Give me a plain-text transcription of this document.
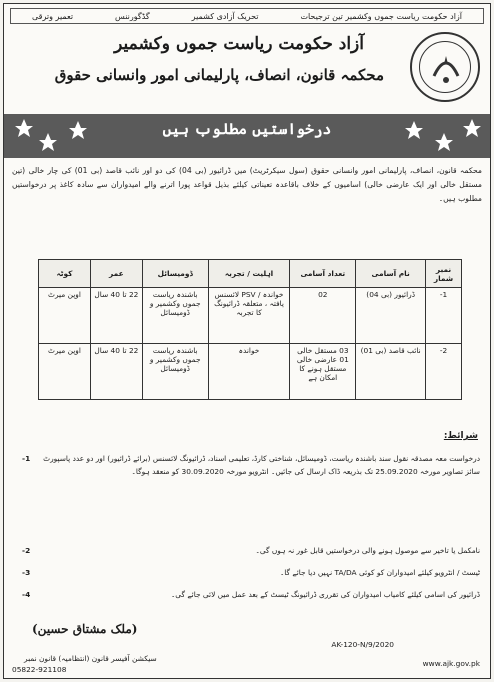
آزاد حکومت ریاست جموں وکشمیر تین ترجیحات
تحریک آزادی کشمیر
گڈگورننس
تعمیر وترقی
آزاد حکومت ریاست جموں وکشمیر
محکمہ قانون، انصاف، پارلیمانی امور وانسانی حقوق
درخواستیں مطلوب ہیں
محکمہ قانون، انصاف، پارلیمانی امور وانسانی حقوق (سول سیکرٹریٹ) میں ڈرائیور (بی 04) کی دو اور نائب قاصد (بی 01) کی چار خالی (تین مستقل خالی اور ایک عارضی خالی) اسامیوں کے خلاف باقاعدہ تعیناتی کیلئے بذیل قواعد پورا اترنے والے امیدواران سے سادہ کاغذ پر درخواستیں مطلوب ہیں۔
نمبر شمار	نام آسامی	تعداد آسامی	اہلیت / تجربہ	ڈومیسائل	عمر	کوٹہ
1-	ڈرائیور (بی 04)	02	خواندہ / PSV لائسنس یافتہ ، متعلقہ ڈرائیونگ کا تجربہ	باشندہ ریاست جموں وکشمیر و ڈومیسائل	22 تا 40 سال	اوپن میرٹ
2-	نائب قاصد (بی 01)	03 مستقل خالی 01 عارضی خالی مستقل ہونے کا امکان ہے	خواندہ	باشندہ ریاست جموں وکشمیر و ڈومیسائل	22 تا 40 سال	اوپن میرٹ
شرائط:
درخواست معہ مصدقہ نقول سند باشندہ ریاست، ڈومیسائل، شناختی کارڈ، تعلیمی اسناد، ڈرائیونگ لائسنس (برائے ڈرائیور) اور دو عدد پاسپورٹ سائز تصاویر مورخہ 25.09.2020 تک بذریعہ ڈاک ارسال کی جائیں۔ انٹرویو مورخہ 30.09.2020 کو منعقد ہوگا۔
1-
نامکمل یا تاخیر سے موصول ہونے والی درخواستیں قابل غور نہ ہوں گی۔
2-
ٹیسٹ / انٹرویو کیلئے امیدواران کو کوئی TA/DA نہیں دیا جائے گا۔
3-
ڈرائیور کی اسامی کیلئے کامیاب امیدواران کی تقرری ڈرائیونگ ٹیسٹ کے بعد عمل میں لائی جائے گی۔
4-
(ملک مشتاق حسین)
سیکشن آفیسر قانون (انتظامیہ) قانون نمبر
AK-120-N/9/2020
05822-921108
www.ajk.gov.pk
